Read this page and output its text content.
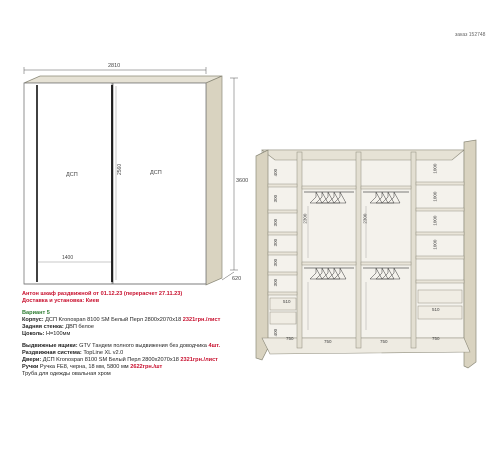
заказ 152748
2810
2560
3600
620
1400
ДСП	ДСП	400
300
300
300
300
300
400
1000
1000
1000
1000
2300	2300
510
510
750
750	750
750
Антон шкаф раздвижной от 01.12.23 (перерасчет 27.11.23)
Доставка и установка: Киев
Вариант 5
Корпус: ДСП Kronospan 8100 SM Белый Перл 2800х2070х18 2321грн./лист
Задняя стенка: ДВП белое
Цоколь: H=100мм
Выдвижные ящики: GTV Тандем полного выдвижения без доводчика 4шт.
Раздвижная система: TopLine XL v2.0
Двери: ДСП Kronospan 8100 SM Белый Перл 2800х2070х18 2321грн./лист
Ручки Ручка FE8, черна, 18 мм, 5800 мм 2622грн./шт
Труба для одежды овальная хром
